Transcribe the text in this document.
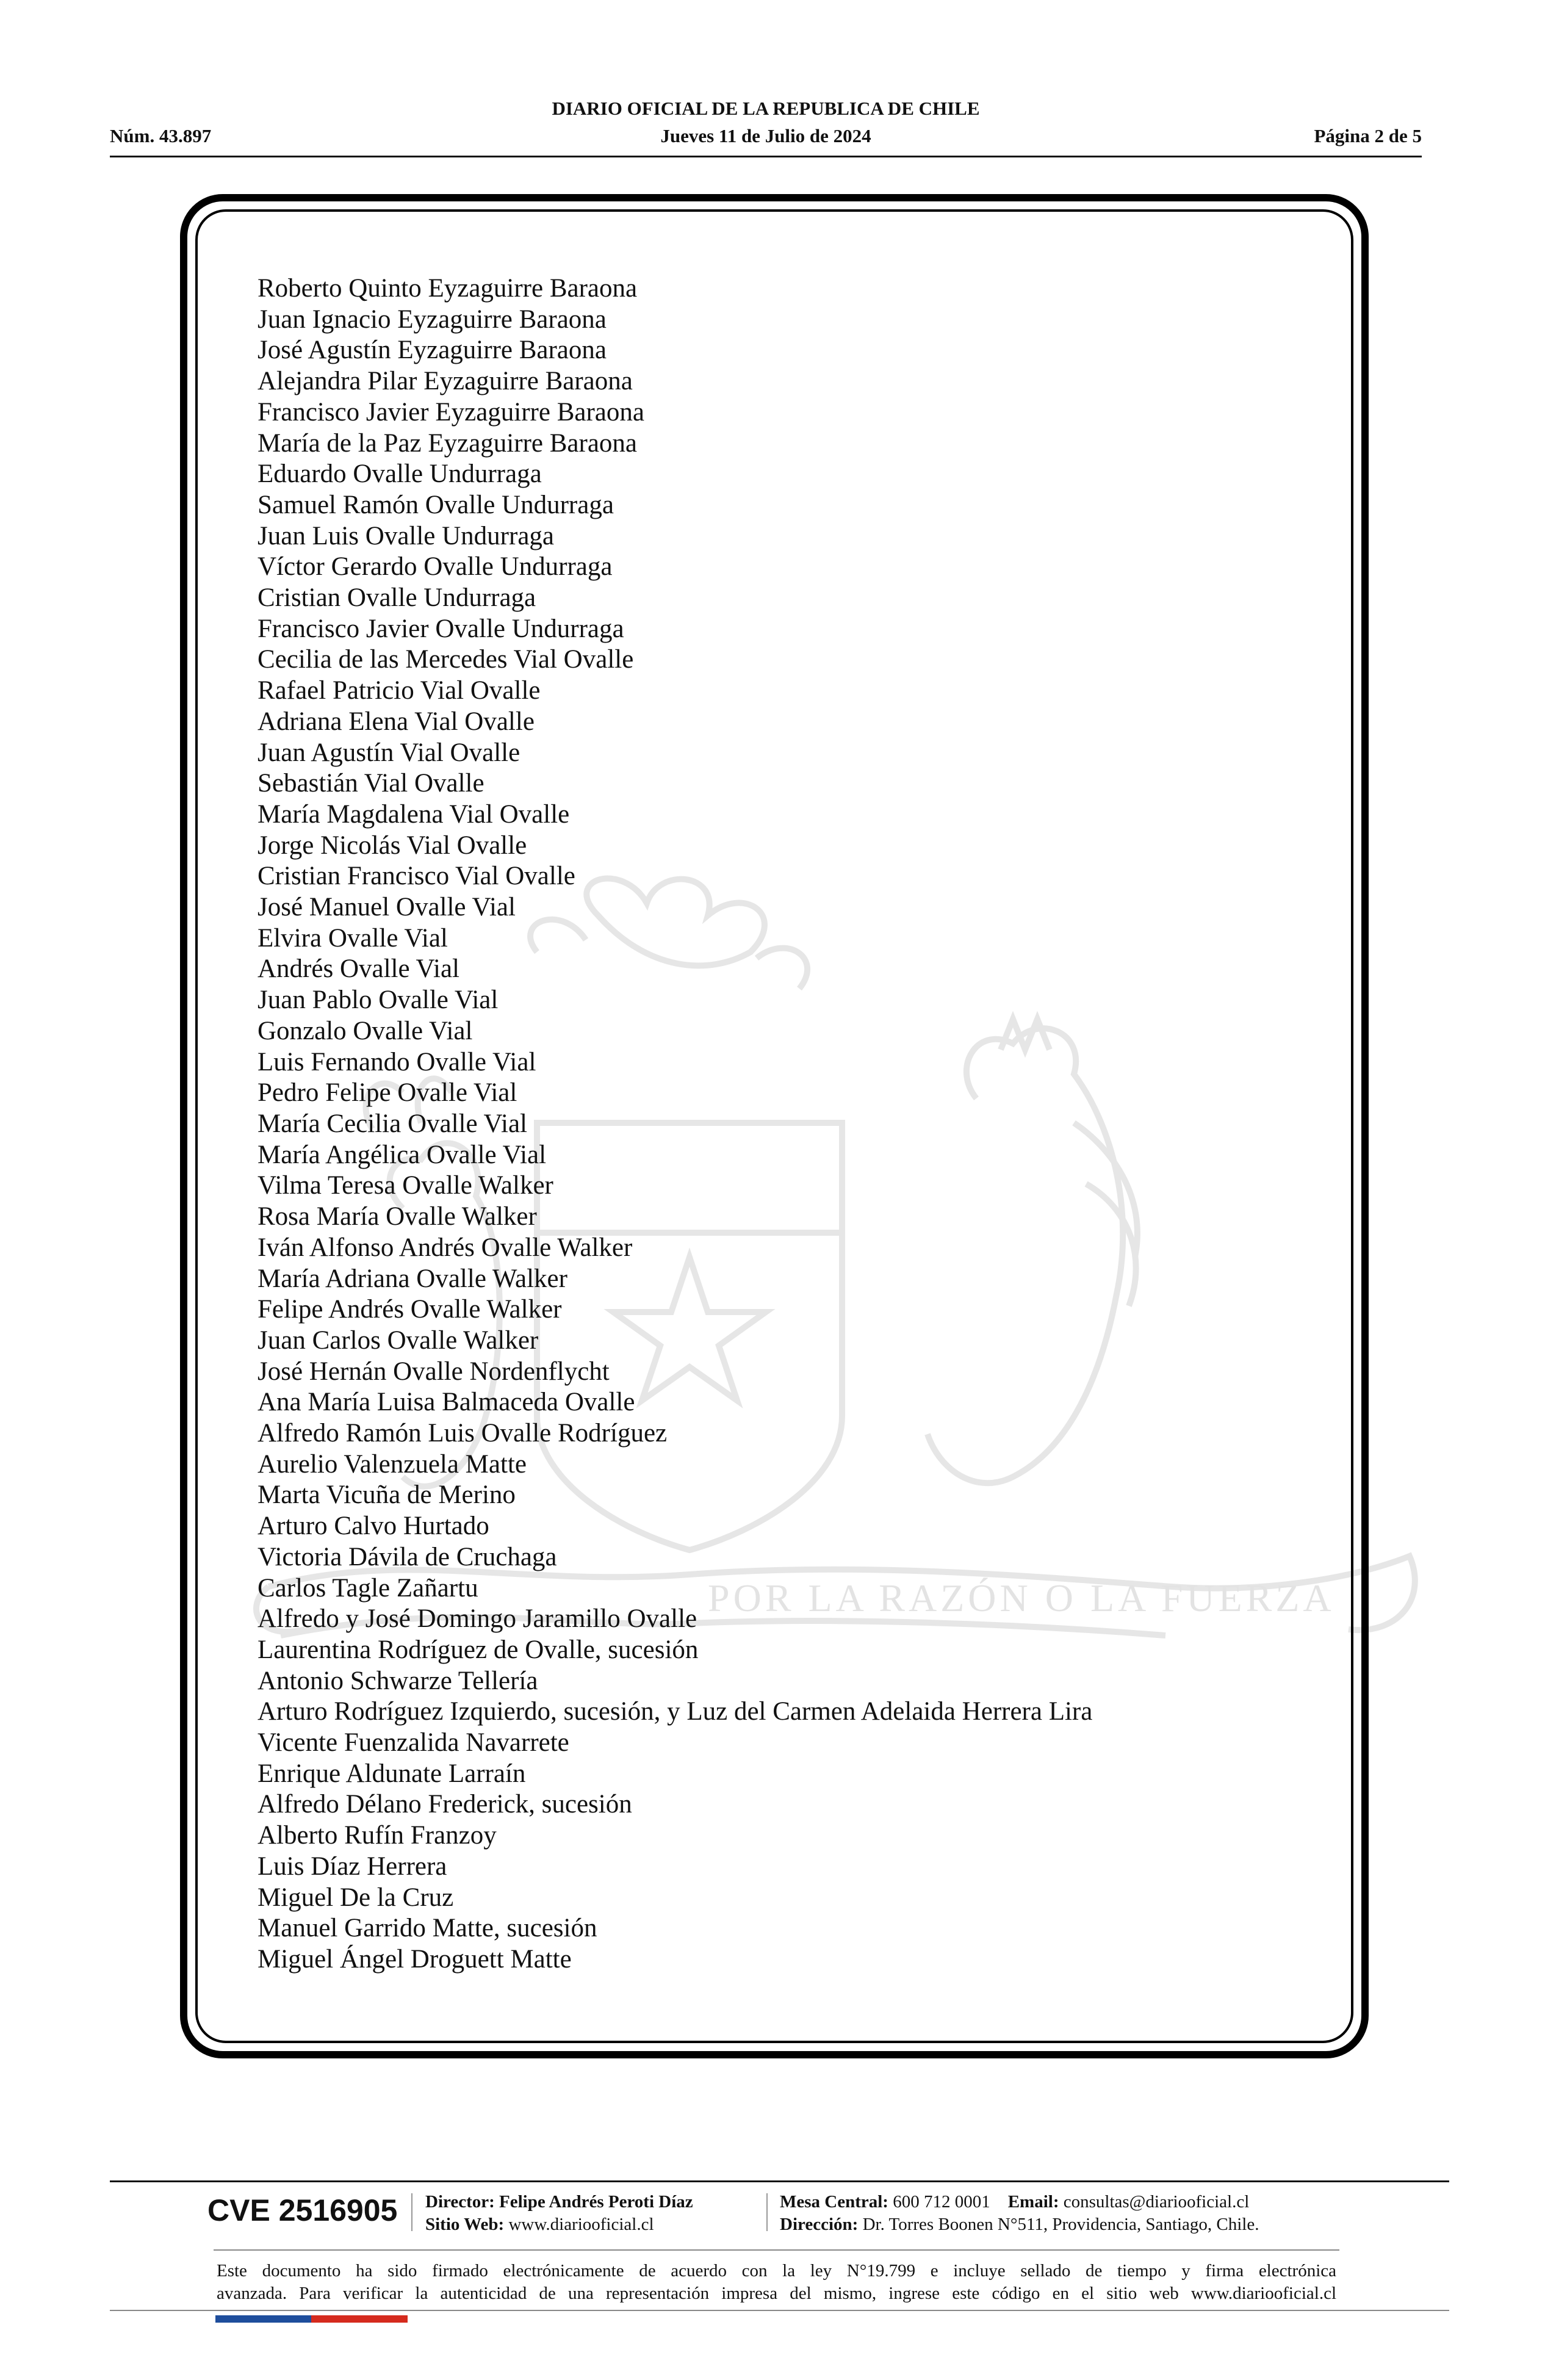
Núm. 43.897
DIARIO OFICIAL DE LA REPUBLICA DE CHILE
Jueves 11 de Julio de 2024	Página 2 de 5
POR LA RAZÓN O LA FUERZA
Roberto Quinto Eyzaguirre Baraona
Juan Ignacio Eyzaguirre Baraona
José Agustín Eyzaguirre Baraona
Alejandra Pilar Eyzaguirre Baraona
Francisco Javier Eyzaguirre Baraona
María de la Paz Eyzaguirre Baraona
Eduardo Ovalle Undurraga
Samuel Ramón Ovalle Undurraga
Juan Luis Ovalle Undurraga
Víctor Gerardo Ovalle Undurraga
Cristian Ovalle Undurraga
Francisco Javier Ovalle Undurraga
Cecilia de las Mercedes Vial Ovalle
Rafael Patricio Vial Ovalle
Adriana Elena Vial Ovalle
Juan Agustín Vial Ovalle
Sebastián Vial Ovalle
María Magdalena Vial Ovalle
Jorge Nicolás Vial Ovalle
Cristian Francisco Vial Ovalle
José Manuel Ovalle Vial
Elvira Ovalle Vial
Andrés Ovalle Vial
Juan Pablo Ovalle Vial
Gonzalo Ovalle Vial
Luis Fernando Ovalle Vial
Pedro Felipe Ovalle Vial
María Cecilia Ovalle Vial
María Angélica Ovalle Vial
Vilma Teresa Ovalle Walker
Rosa María Ovalle Walker
Iván Alfonso Andrés Ovalle Walker
María Adriana Ovalle Walker
Felipe Andrés Ovalle Walker
Juan Carlos Ovalle Walker
José Hernán Ovalle Nordenflycht
Ana María Luisa Balmaceda Ovalle
Alfredo Ramón Luis Ovalle Rodríguez
Aurelio Valenzuela Matte
Marta Vicuña de Merino
Arturo Calvo Hurtado
Victoria Dávila de Cruchaga
Carlos Tagle Zañartu
Alfredo y José Domingo Jaramillo Ovalle
Laurentina Rodríguez de Ovalle, sucesión
Antonio Schwarze Tellería
Arturo Rodríguez Izquierdo, sucesión, y Luz del Carmen Adelaida Herrera Lira
Vicente Fuenzalida Navarrete
Enrique Aldunate Larraín
Alfredo Délano Frederick, sucesión
Alberto Rufín Franzoy
Luis Díaz Herrera
Miguel De la Cruz
Manuel Garrido Matte, sucesión
Miguel Ángel Droguett Matte
CVE 2516905 Director: Felipe Andrés Peroti Díaz
Sitio Web: www.diariooficial.cl
Mesa Central: 600 712 0001 Email: consultas@diariooficial.cl
Dirección: Dr. Torres Boonen N°511, Providencia, Santiago, Chile.
Este documento ha sido firmado electrónicamente de acuerdo con la ley N°19.799 e incluye sellado de tiempo y firma electrónica
avanzada. Para verificar la autenticidad de una representación impresa del mismo, ingrese este código en el sitio web www.diariooficial.cl
